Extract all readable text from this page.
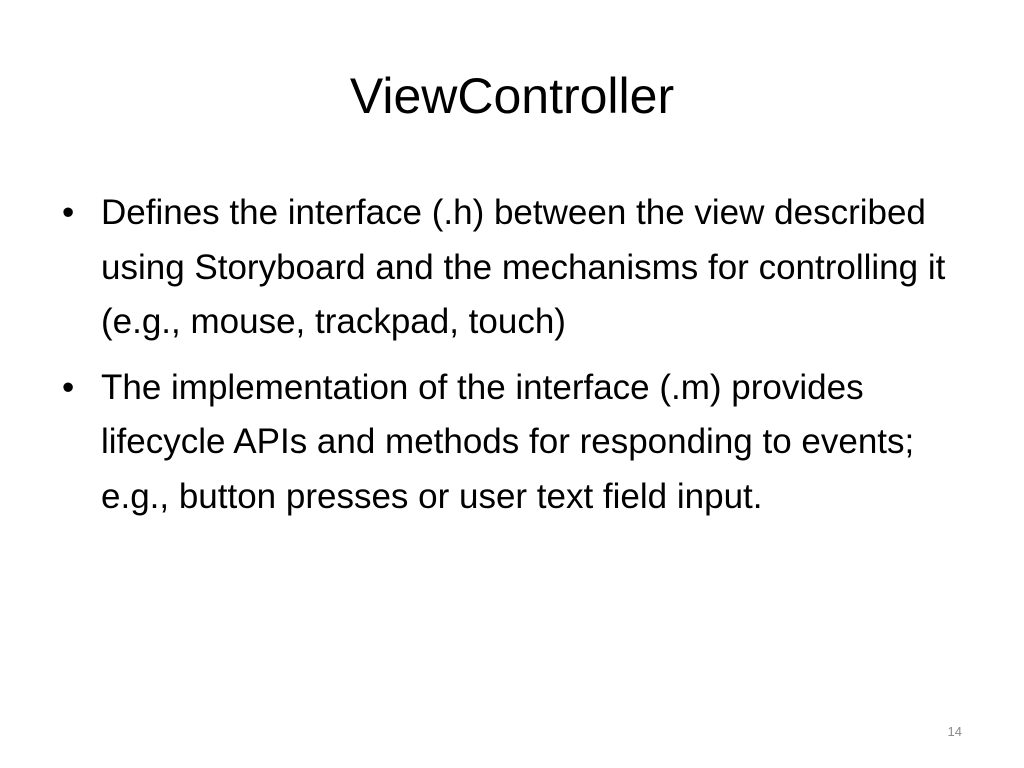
ViewController
• Defines the interface (.h) between the view described using Storyboard and the mechanisms for controlling it (e.g., mouse, trackpad, touch)
• The implementation of the interface (.m) provides lifecycle APIs and methods for responding to events; e.g., button presses or user text field input.
14
